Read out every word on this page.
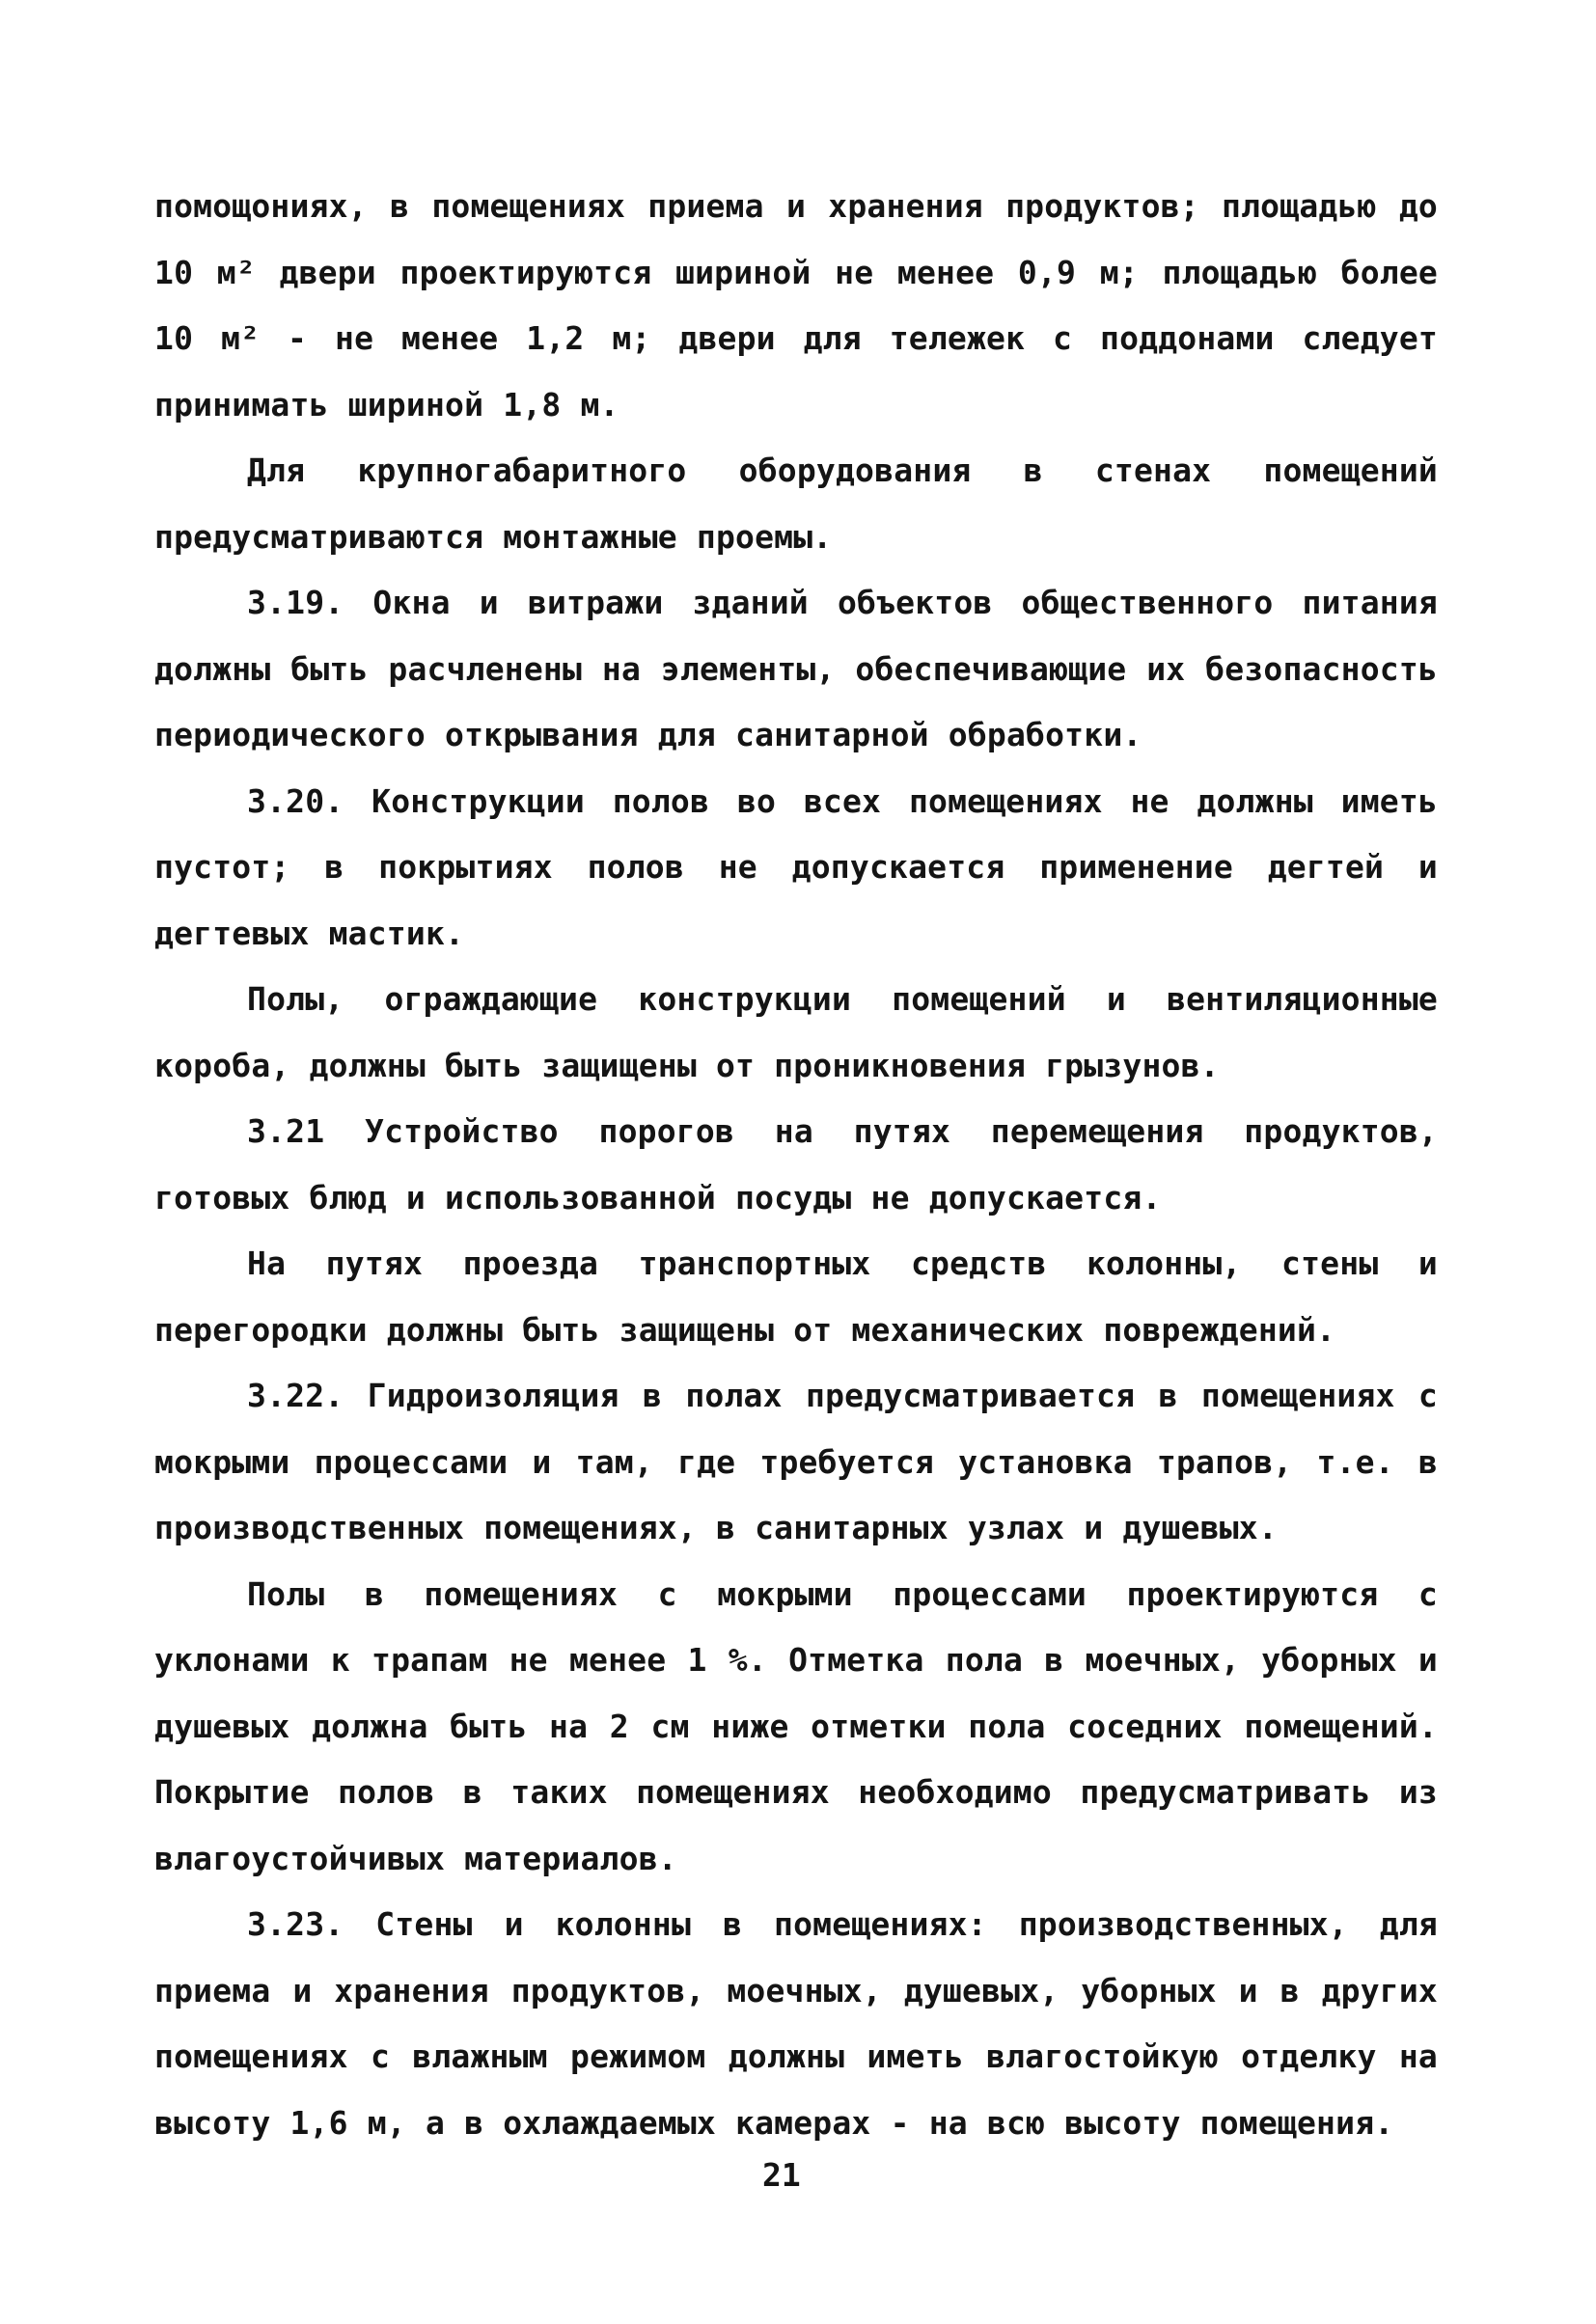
помощониях, в помещениях приема и хранения продуктов; площадью до 10 м² двери проектируются шириной не менее 0,9 м; площадью более 10 м² - не менее 1,2 м; двери для тележек с поддонами следует принимать шириной 1,8 м.

Для крупногабаритного оборудования в стенах помещений предусматриваются монтажные проемы.

3.19. Окна и витражи зданий объектов общественного питания должны быть расчленены на элементы, обеспечивающие их безопасность периодического открывания для санитарной обработки.

3.20. Конструкции полов во всех помещениях не должны иметь пустот; в покрытиях полов не допускается применение дегтей и дегтевых мастик.

Полы, ограждающие конструкции помещений и вентиляционные короба, должны быть защищены от проникновения грызунов.

3.21 Устройство порогов на путях перемещения продуктов, готовых блюд и использованной посуды не допускается.

На путях проезда транспортных средств колонны, стены и перегородки должны быть защищены от механических повреждений.

3.22. Гидроизоляция в полах предусматривается в помещениях с мокрыми процессами и там, где требуется установка трапов, т.е. в производственных помещениях, в санитарных узлах и душевых.

Полы в помещениях с мокрыми процессами проектируются с уклонами к трапам не менее 1 %. Отметка пола в моечных, уборных и душевых должна быть на 2 см ниже отметки пола соседних помещений. Покрытие полов в таких помещениях необходимо предусматривать из влагоустойчивых материалов.

3.23. Стены и колонны в помещениях: производственных, для приема и хранения продуктов, моечных, душевых, уборных и в других помещениях с влажным режимом должны иметь влагостойкую отделку на высоту 1,6 м, а в охлаждаемых камерах - на всю высоту помещения.

21
